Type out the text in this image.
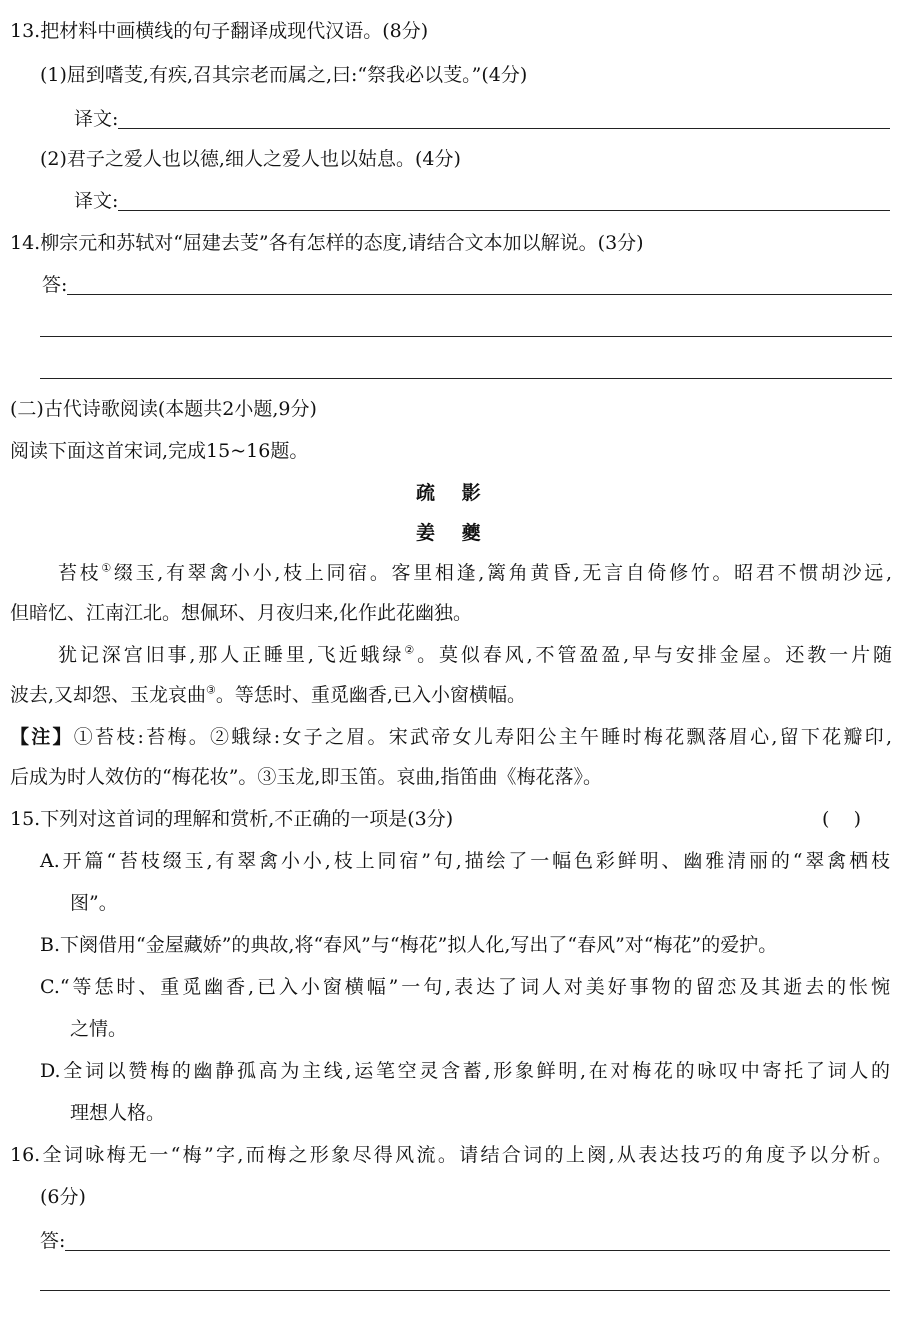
13.把材料中画横线的句子翻译成现代汉语。(8分)
(1)屈到嗜芰,有疾,召其宗老而属之,曰:“祭我必以芰。”(4分)
译文:
(2)君子之爱人也以德,细人之爱人也以姑息。(4分)
译文:
14.柳宗元和苏轼对“屈建去芰”各有怎样的态度,请结合文本加以解说。(3分)
答:
(二)古代诗歌阅读(本题共2小题,9分)
阅读下面这首宋词,完成15~16题。
疏 影
姜 夔
苔枝①缀玉,有翠禽小小,枝上同宿。客里相逢,篱角黄昏,无言自倚修竹。昭君不惯胡沙远,
但暗忆、江南江北。想佩环、月夜归来,化作此花幽独。
犹记深宫旧事,那人正睡里,飞近蛾绿②。莫似春风,不管盈盈,早与安排金屋。还教一片随
波去,又却怨、玉龙哀曲③。等恁时、重觅幽香,已入小窗横幅。
【注】①苔枝:苔梅。②蛾绿:女子之眉。宋武帝女儿寿阳公主午睡时梅花飘落眉心,留下花瓣印,
后成为时人效仿的“梅花妆”。③玉龙,即玉笛。哀曲,指笛曲《梅花落》。
15.下列对这首词的理解和赏析,不正确的一项是(3分)	(    )
A.开篇“苔枝缀玉,有翠禽小小,枝上同宿”句,描绘了一幅色彩鲜明、幽雅清丽的“翠禽栖枝
图”。
B.下阕借用“金屋藏娇”的典故,将“春风”与“梅花”拟人化,写出了“春风”对“梅花”的爱护。
C.“等恁时、重觅幽香,已入小窗横幅”一句,表达了词人对美好事物的留恋及其逝去的怅惋
之情。
D.全词以赞梅的幽静孤高为主线,运笔空灵含蓄,形象鲜明,在对梅花的咏叹中寄托了词人的
理想人格。
16.全词咏梅无一“梅”字,而梅之形象尽得风流。请结合词的上阕,从表达技巧的角度予以分析。
(6分)
答:
